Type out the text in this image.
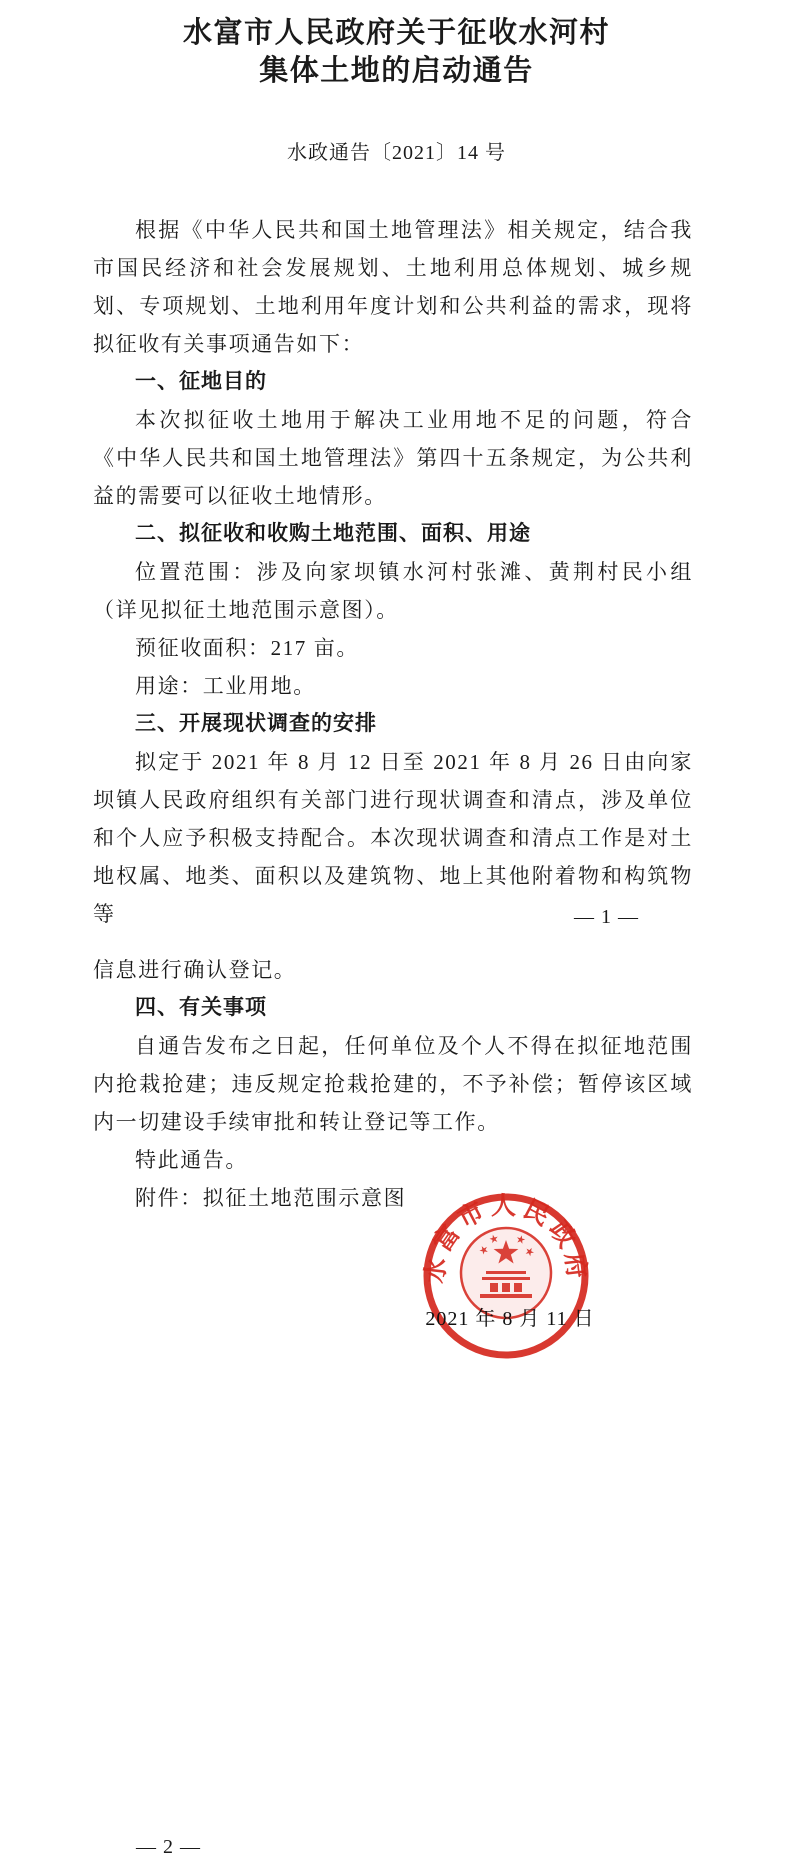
水富市人民政府关于征收水河村
集体土地的启动通告
水政通告〔2021〕14 号
根据《中华人民共和国土地管理法》相关规定，结合我市国民经济和社会发展规划、土地利用总体规划、城乡规划、专项规划、土地利用年度计划和公共利益的需求，现将拟征收有关事项通告如下：
一、征地目的
本次拟征收土地用于解决工业用地不足的问题，符合《中华人民共和国土地管理法》第四十五条规定，为公共利益的需要可以征收土地情形。
二、拟征收和收购土地范围、面积、用途
位置范围：涉及向家坝镇水河村张滩、黄荆村民小组（详见拟征土地范围示意图）。
预征收面积：217 亩。
用途：工业用地。
三、开展现状调查的安排
拟定于 2021 年 8 月 12 日至 2021 年 8 月 26 日由向家坝镇人民政府组织有关部门进行现状调查和清点，涉及单位和个人应予积极支持配合。本次现状调查和清点工作是对土地权属、地类、面积以及建筑物、地上其他附着物和构筑物等	— 1 —
信息进行确认登记。
四、有关事项
自通告发布之日起，任何单位及个人不得在拟征地范围内抢栽抢建；违反规定抢栽抢建的，不予补偿；暂停该区域内一切建设手续审批和转让登记等工作。
特此通告。
附件：拟征土地范围示意图
水富市人民政府
★
★ ★
★
2021 年 8 月 11 日
— 2 —
